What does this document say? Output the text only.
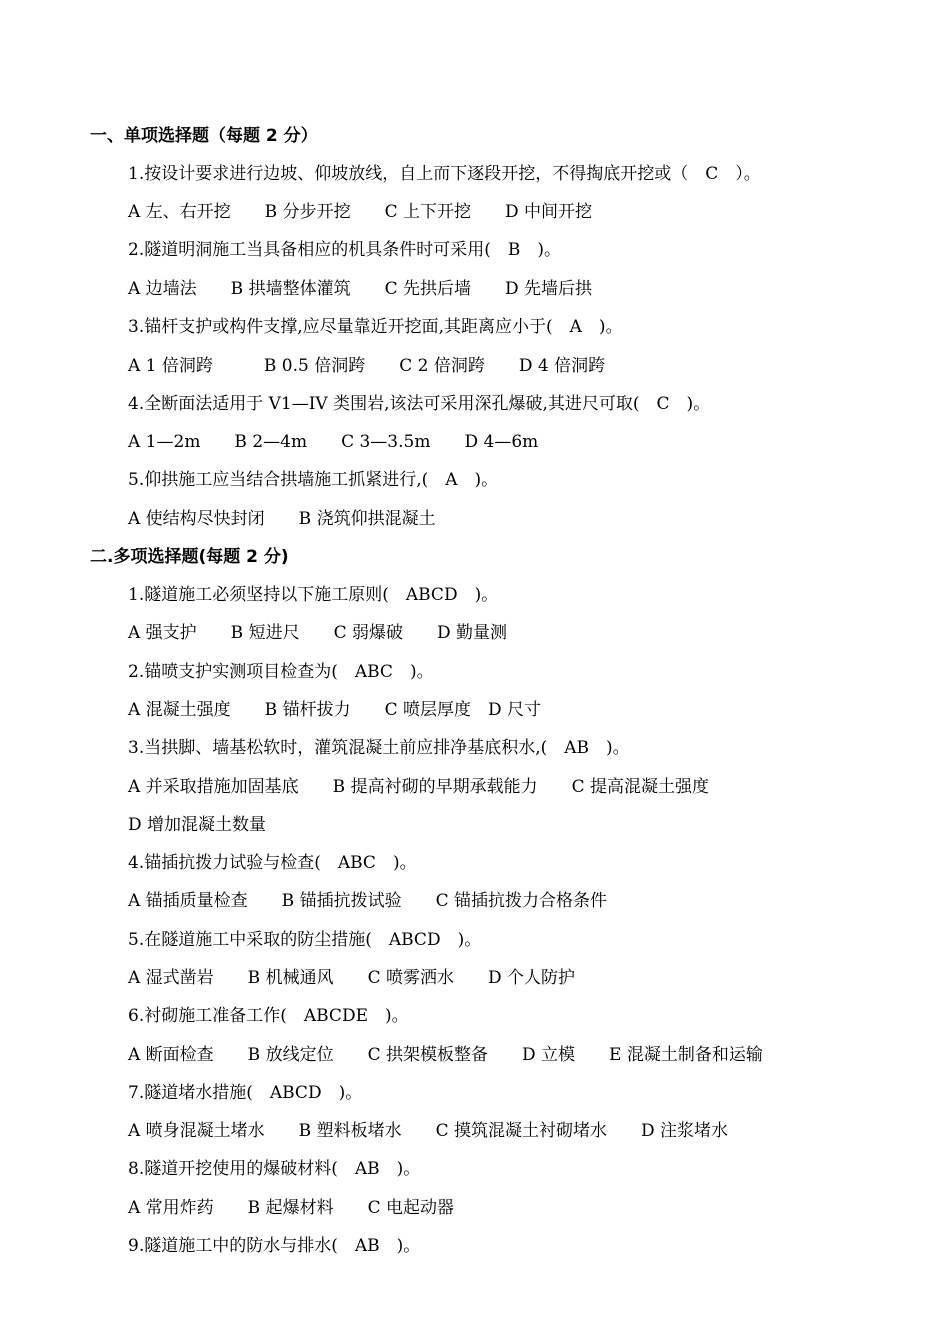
一、单项选择题（每题 2 分）
1.按设计要求进行边坡、仰坡放线，自上而下逐段开挖，不得掏底开挖或（　C　）。
A 左、右开挖　　B 分步开挖　　C 上下开挖　　D 中间开挖
2.隧道明洞施工当具备相应的机具条件时可采用(　B　)。
A 边墙法　　B 拱墙整体灌筑　　C 先拱后墙　　D 先墙后拱
3.锚杆支护或构件支撑,应尽量靠近开挖面,其距离应小于(　A　)。
A 1 倍洞跨　　　B 0.5 倍洞跨　　C 2 倍洞跨　　D 4 倍洞跨
4.全断面法适用于 V1—IV 类围岩,该法可采用深孔爆破,其进尺可取(　C　)。
A 1—2m　　B 2—4m　　C 3—3.5m　　D 4—6m
5.仰拱施工应当结合拱墙施工抓紧进行,(　A　)。
A 使结构尽快封闭　　B 浇筑仰拱混凝土
二.多项选择题(每题 2 分)
1.隧道施工必须坚持以下施工原则(　ABCD　)。
A 强支护　　B 短进尺　　C 弱爆破　　D 勤量测
2.锚喷支护实测项目检查为(　ABC　)。
A 混凝土强度　　B 锚杆拔力　　C 喷层厚度　D 尺寸
3.当拱脚、墙基松软时，灌筑混凝土前应排净基底积水,(　AB　)。
A 并采取措施加固基底　　B 提高衬砌的早期承载能力　　C 提高混凝土强度
D 增加混凝土数量
4.锚插抗拨力试验与检查(　ABC　)。
A 锚插质量检查　　B 锚插抗拨试验　　C 锚插抗拨力合格条件
5.在隧道施工中采取的防尘措施(　ABCD　)。
A 湿式凿岩　　B 机械通风　　C 喷雾洒水　　D 个人防护
6.衬砌施工准备工作(　ABCDE　)。
A 断面检查　　B 放线定位　　C 拱架模板整备　　D 立模　　E 混凝土制备和运输
7.隧道堵水措施(　ABCD　)。
A 喷身混凝土堵水　　B 塑料板堵水　　C 摸筑混凝土衬砌堵水　　D 注浆堵水
8.隧道开挖使用的爆破材料(　AB　)。
A 常用炸药　　B 起爆材料　　C 电起动器
9.隧道施工中的防水与排水(　AB　)。
